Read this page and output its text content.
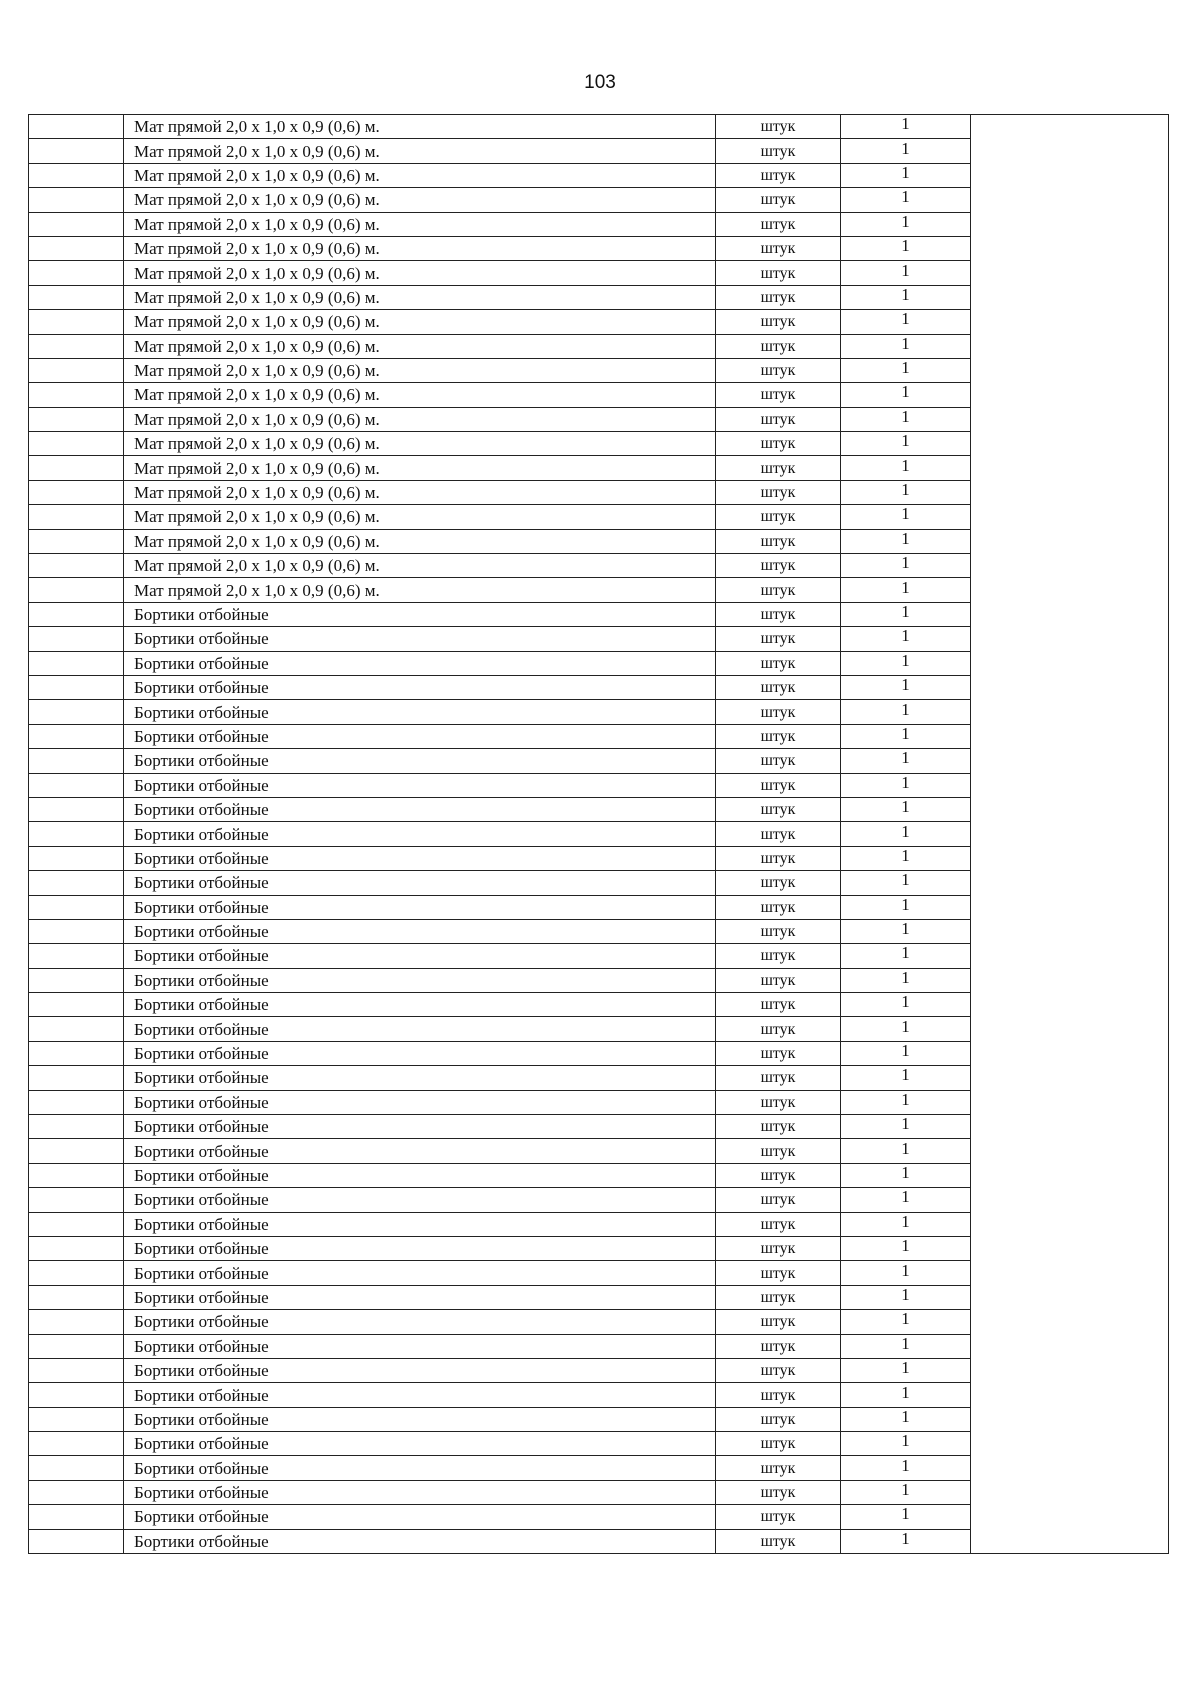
103
	Мат прямой 2,0 х 1,0 х 0,9 (0,6) м.	штук	1	
	Мат прямой 2,0 х 1,0 х 0,9 (0,6) м.	штук	1	
	Мат прямой 2,0 х 1,0 х 0,9 (0,6) м.	штук	1	
	Мат прямой 2,0 х 1,0 х 0,9 (0,6) м.	штук	1	
	Мат прямой 2,0 х 1,0 х 0,9 (0,6) м.	штук	1	
	Мат прямой 2,0 х 1,0 х 0,9 (0,6) м.	штук	1	
	Мат прямой 2,0 х 1,0 х 0,9 (0,6) м.	штук	1	
	Мат прямой 2,0 х 1,0 х 0,9 (0,6) м.	штук	1	
	Мат прямой 2,0 х 1,0 х 0,9 (0,6) м.	штук	1	
	Мат прямой 2,0 х 1,0 х 0,9 (0,6) м.	штук	1	
	Мат прямой 2,0 х 1,0 х 0,9 (0,6) м.	штук	1	
	Мат прямой 2,0 х 1,0 х 0,9 (0,6) м.	штук	1	
	Мат прямой 2,0 х 1,0 х 0,9 (0,6) м.	штук	1	
	Мат прямой 2,0 х 1,0 х 0,9 (0,6) м.	штук	1	
	Мат прямой 2,0 х 1,0 х 0,9 (0,6) м.	штук	1	
	Мат прямой 2,0 х 1,0 х 0,9 (0,6) м.	штук	1	
	Мат прямой 2,0 х 1,0 х 0,9 (0,6) м.	штук	1	
	Мат прямой 2,0 х 1,0 х 0,9 (0,6) м.	штук	1	
	Мат прямой 2,0 х 1,0 х 0,9 (0,6) м.	штук	1	
	Мат прямой 2,0 х 1,0 х 0,9 (0,6) м.	штук	1	
	Бортики отбойные	штук	1	
	Бортики отбойные	штук	1	
	Бортики отбойные	штук	1	
	Бортики отбойные	штук	1	
	Бортики отбойные	штук	1	
	Бортики отбойные	штук	1	
	Бортики отбойные	штук	1	
	Бортики отбойные	штук	1	
	Бортики отбойные	штук	1	
	Бортики отбойные	штук	1	
	Бортики отбойные	штук	1	
	Бортики отбойные	штук	1	
	Бортики отбойные	штук	1	
	Бортики отбойные	штук	1	
	Бортики отбойные	штук	1	
	Бортики отбойные	штук	1	
	Бортики отбойные	штук	1	
	Бортики отбойные	штук	1	
	Бортики отбойные	штук	1	
	Бортики отбойные	штук	1	
	Бортики отбойные	штук	1	
	Бортики отбойные	штук	1	
	Бортики отбойные	штук	1	
	Бортики отбойные	штук	1	
	Бортики отбойные	штук	1	
	Бортики отбойные	штук	1	
	Бортики отбойные	штук	1	
	Бортики отбойные	штук	1	
	Бортики отбойные	штук	1	
	Бортики отбойные	штук	1	
	Бортики отбойные	штук	1	
	Бортики отбойные	штук	1	
	Бортики отбойные	штук	1	
	Бортики отбойные	штук	1	
	Бортики отбойные	штук	1	
	Бортики отбойные	штук	1	
	Бортики отбойные	штук	1	
	Бортики отбойные	штук	1	
	Бортики отбойные	штук	1	
